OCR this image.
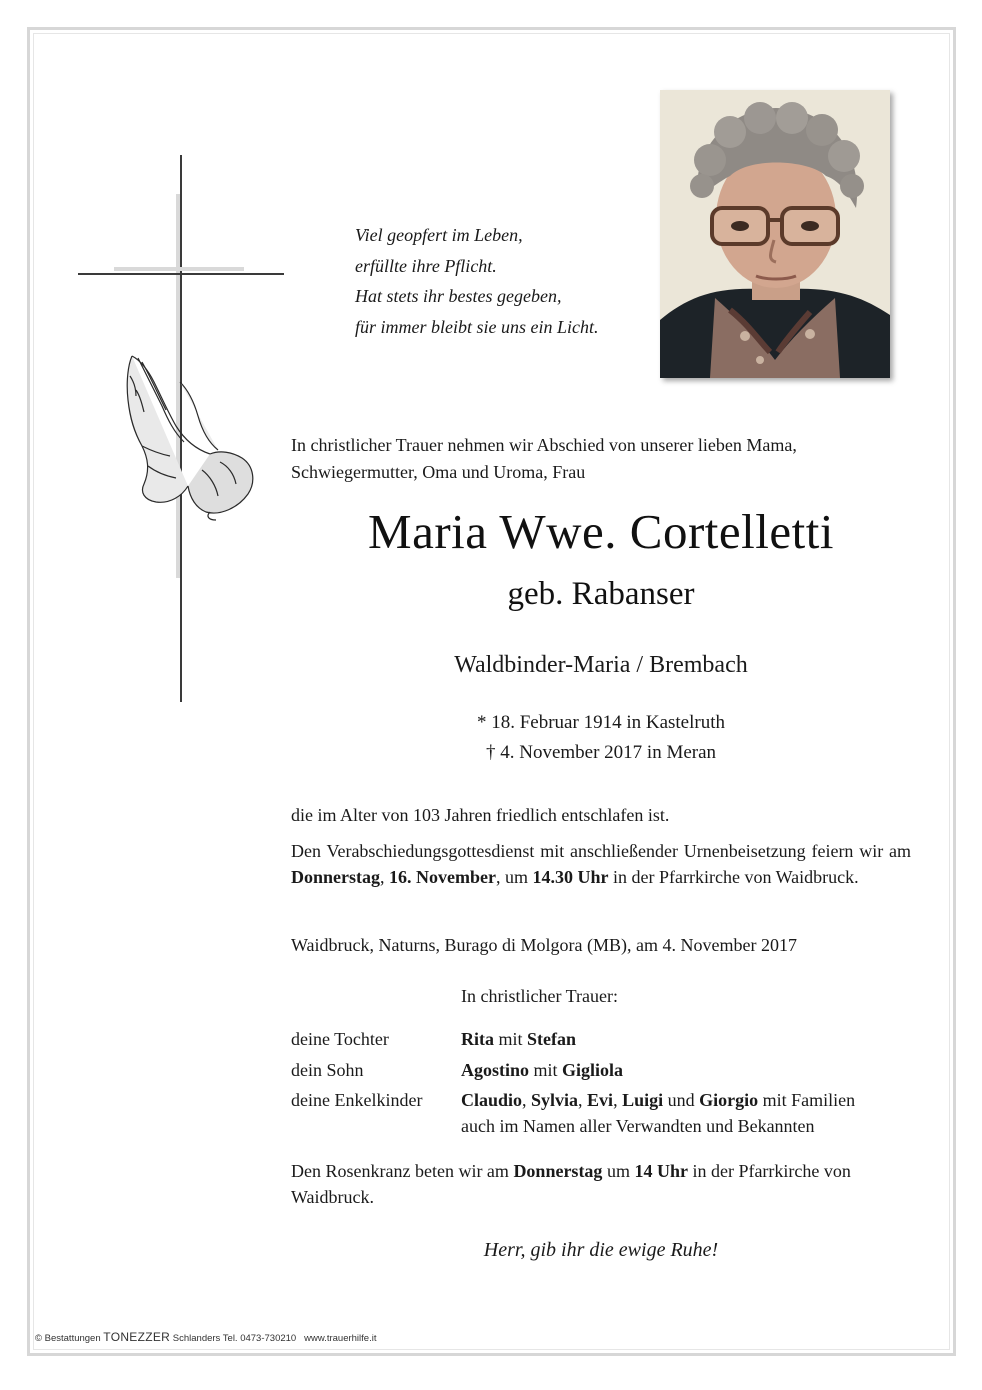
Viel geopfert im Leben,
erfüllte ihre Pflicht.
Hat stets ihr bestes gegeben,
für immer bleibt sie uns ein Licht.
In christlicher Trauer nehmen wir Abschied von unserer lieben Mama,
Schwiegermutter, Oma und Uroma, Frau
Maria Wwe. Cortelletti
geb. Rabanser
Waldbinder-Maria / Brembach
* 18. Februar 1914 in Kastelruth
† 4. November 2017 in Meran
die im Alter von 103 Jahren friedlich entschlafen ist.
Den Verabschiedungsgottesdienst mit anschließender Urnenbeisetzung feiern wir am Donnerstag, 16. November, um 14.30 Uhr in der Pfarrkirche von Waidbruck.
Waidbruck, Naturns, Burago di Molgora (MB), am 4. November 2017
In christlicher Trauer:
deine Tochter	Rita mit Stefan
dein Sohn	Agostino mit Gigliola
deine Enkelkinder	Claudio, Sylvia, Evi, Luigi und Giorgio mit Familien
auch im Namen aller Verwandten und Bekannten
Den Rosenkranz beten wir am Donnerstag um 14 Uhr in der Pfarrkirche von Waidbruck.
Herr, gib ihr die ewige Ruhe!
© Bestattungen TONEZZER Schlanders Tel. 0473-730210 www.trauerhilfe.it
